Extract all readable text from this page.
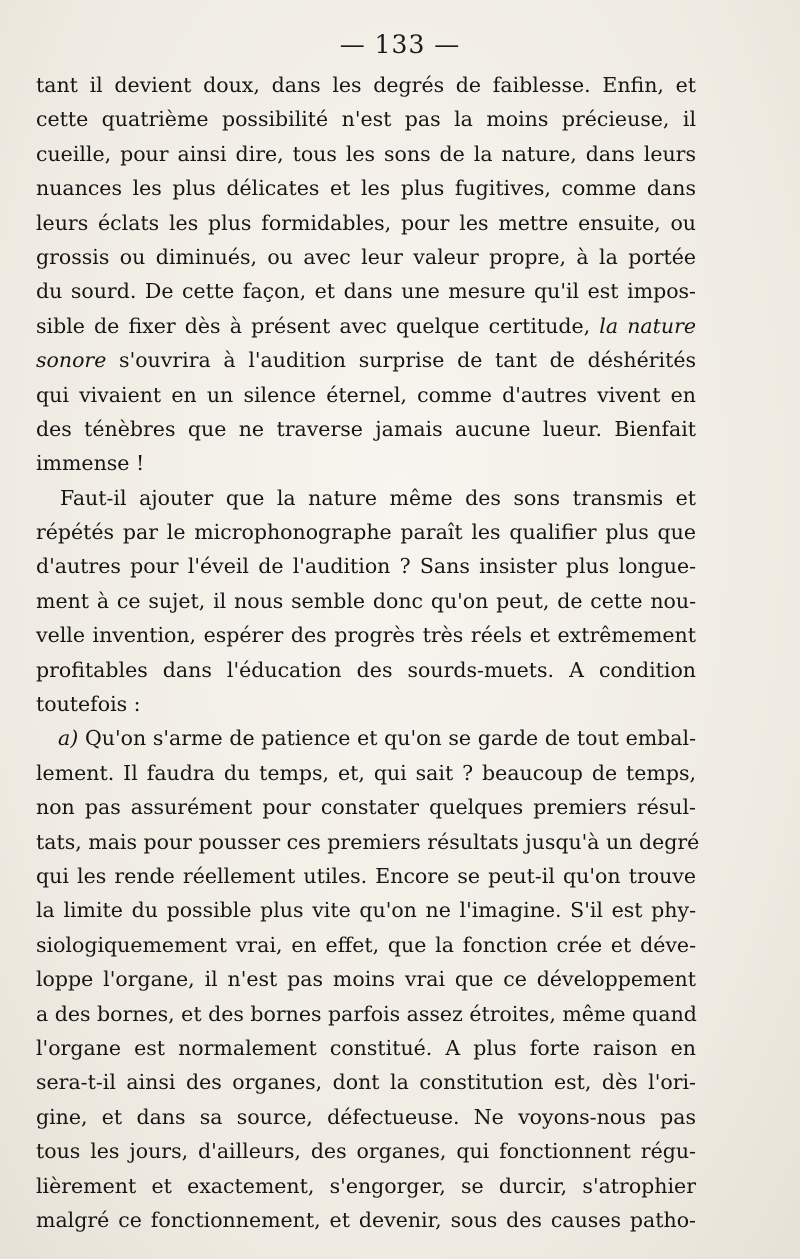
— 133 —
tant il devient doux, dans les degrés de faiblesse. Enfin, et
cette quatrième possibilité n'est pas la moins précieuse, il
cueille, pour ainsi dire, tous les sons de la nature, dans leurs
nuances les plus délicates et les plus fugitives, comme dans
leurs éclats les plus formidables, pour les mettre ensuite, ou
grossis ou diminués, ou avec leur valeur propre, à la portée
du sourd. De cette façon, et dans une mesure qu'il est impos-
sible de fixer dès à présent avec quelque certitude, la nature
sonore s'ouvrira à l'audition surprise de tant de déshérités
qui vivaient en un silence éternel, comme d'autres vivent en
des ténèbres que ne traverse jamais aucune lueur. Bienfait
immense !
Faut-il ajouter que la nature même des sons transmis et
répétés par le microphonographe paraît les qualifier plus que
d'autres pour l'éveil de l'audition ? Sans insister plus longue-
ment à ce sujet, il nous semble donc qu'on peut, de cette nou-
velle invention, espérer des progrès très réels et extrêmement
profitables dans l'éducation des sourds-muets. A condition
toutefois :
a) Qu'on s'arme de patience et qu'on se garde de tout embal-
lement. Il faudra du temps, et, qui sait ? beaucoup de temps,
non pas assurément pour constater quelques premiers résul-
tats, mais pour pousser ces premiers résultats jusqu'à un degré
qui les rende réellement utiles. Encore se peut-il qu'on trouve
la limite du possible plus vite qu'on ne l'imagine. S'il est phy-
siologiquemement vrai, en effet, que la fonction crée et déve-
loppe l'organe, il n'est pas moins vrai que ce développement
a des bornes, et des bornes parfois assez étroites, même quand
l'organe est normalement constitué. A plus forte raison en
sera-t-il ainsi des organes, dont la constitution est, dès l'ori-
gine, et dans sa source, défectueuse. Ne voyons-nous pas
tous les jours, d'ailleurs, des organes, qui fonctionnent régu-
lièrement et exactement, s'engorger, se durcir, s'atrophier
malgré ce fonctionnement, et devenir, sous des causes patho-
